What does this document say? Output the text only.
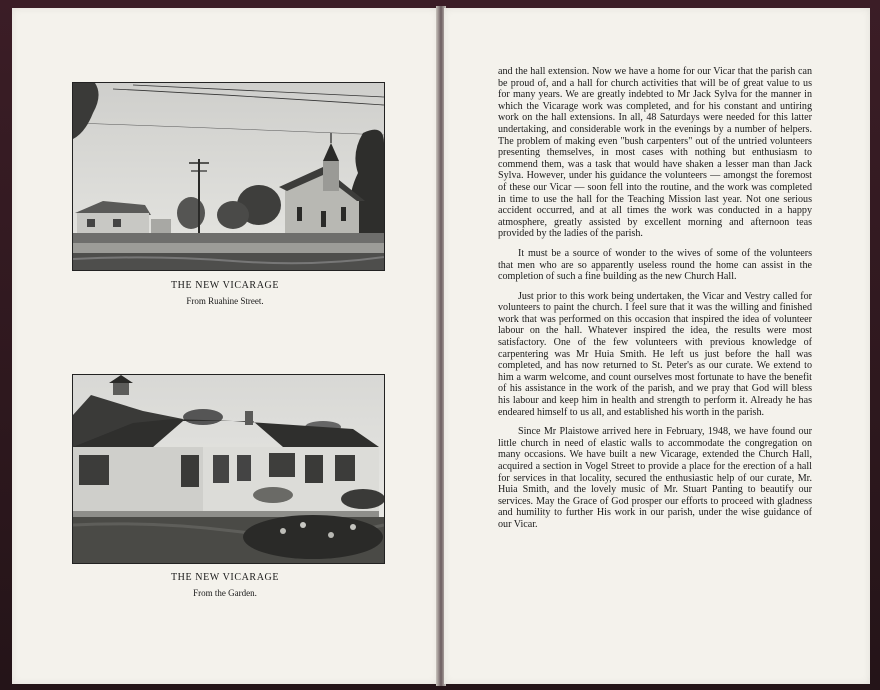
THE NEW VICARAGE
From Ruahine Street.
THE NEW VICARAGE
From the Garden.

and the hall extension. Now we have a home for our Vicar that the parish can be proud of, and a hall for church activities that will be of great value to us for many years. We are greatly indebted to Mr Jack Sylva for the manner in which the Vicarage work was completed, and for his constant and untiring work on the hall extensions. In all, 48 Saturdays were needed for this latter undertaking, and considerable work in the evenings by a number of helpers. The problem of making even "bush carpenters" out of the untried volunteers presenting themselves, in most cases with nothing but enthusiasm to commend them, was a task that would have shaken a lesser man than Jack Sylva. However, under his guidance the volunteers — amongst the foremost of these our Vicar — soon fell into the routine, and the work was completed in time to use the hall for the Teaching Mission last year. Not one serious accident occurred, and at all times the work was conducted in a happy atmosphere, greatly assisted by excellent morning and afternoon teas provided by the ladies of the parish.

It must be a source of wonder to the wives of some of the volunteers that men who are so apparently useless round the home can assist in the completion of such a fine building as the new Church Hall.

Just prior to this work being undertaken, the Vicar and Vestry called for volunteers to paint the church. I feel sure that it was the willing and finished work that was performed on this occasion that inspired the idea of volunteer labour on the hall. Whatever inspired the idea, the results were most satisfactory. One of the few volunteers with previous knowledge of carpentering was Mr Huia Smith. He left us just before the hall was completed, and has now returned to St. Peter's as our curate. We extend to him a warm welcome, and count ourselves most fortunate to have the benefit of his assistance in the work of the parish, and we pray that God will bless his labour and keep him in health and strength to perform it. Already he has endeared himself to us all, and established his worth in the parish.

Since Mr Plaistowe arrived here in February, 1948, we have found our little church in need of elastic walls to accommodate the congregation on many occasions. We have built a new Vicarage, extended the Church Hall, acquired a section in Vogel Street to provide a place for the erection of a hall for services in that locality, secured the enthusiastic help of our curate, Mr. Huia Smith, and the lovely music of Mr. Stuart Panting to beautify our services. May the Grace of God prosper our efforts to proceed with gladness and humility to further His work in our parish, under the wise guidance of our Vicar.
